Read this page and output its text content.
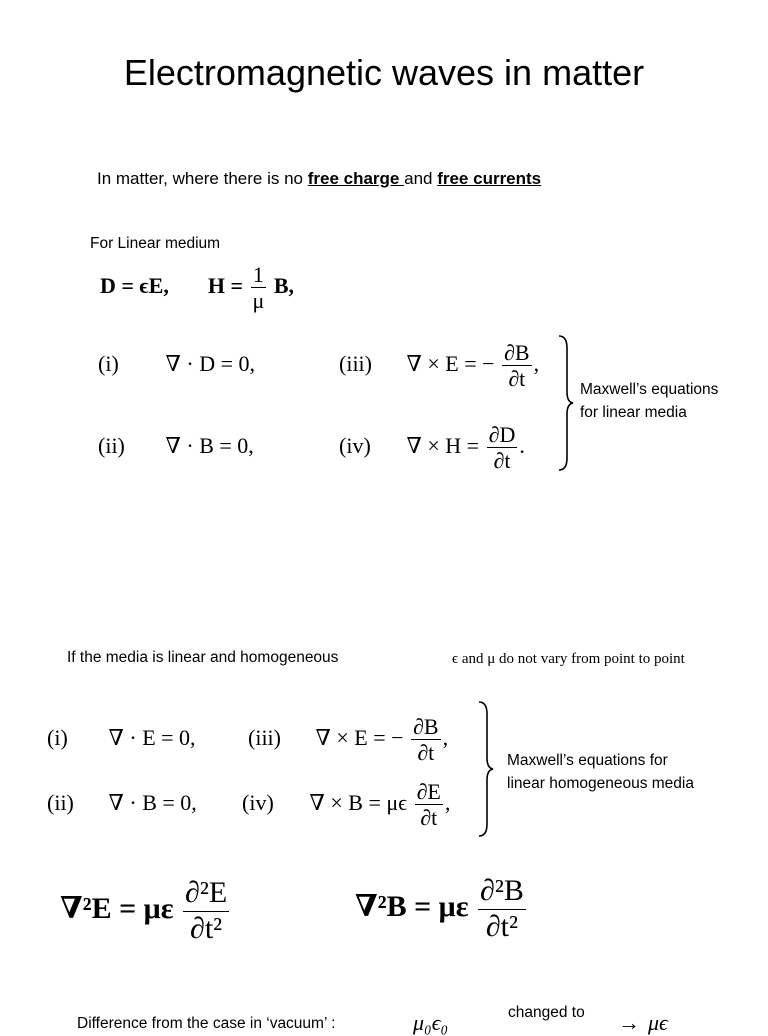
Electromagnetic waves in matter
In matter, where there is no free charge and free currents
For Linear medium
D = ϵE, $H = \frac{1}{\mu} B$,
(i) ∇ · D = 0,	(iii) ∇ × E = − $\frac{\partial B}{\partial t}$ ,
(ii) ∇ · B = 0,	(iv) ∇ × $H = \frac{\partial D}{\partial t}$ .
Maxwell’s equations
for linear media
If the media is linear and homogeneous	ϵ and μ do not vary from point to point
(i) ∇ · E = 0, (iii) ∇ × E = − $\frac{\partial B}{\partial t}$ ,
(ii) ∇ · B = 0, (iv) ∇ × B = μϵ $\frac{\partial E}{\partial t}$ ,
Maxwell’s equations for
linear homogeneous media
∇²E = με $\frac{\text{∂²E}}{\text{∂t²}}$	∇²B = με $\frac{\text{∂²B}}{\text{∂t²}}$
changed to
Difference from the case in ‘vacuum’ :	μ₀ϵ₀	→ μϵ
